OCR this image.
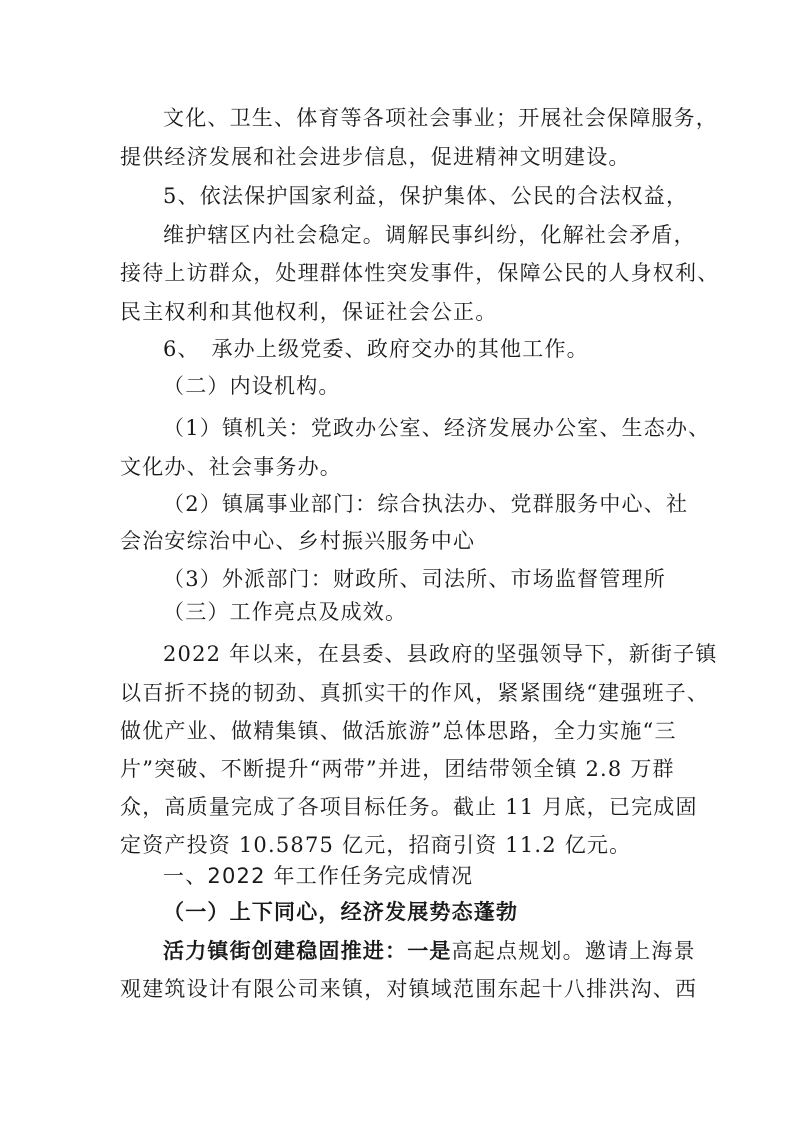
文化、卫生、体育等各项社会事业；开展社会保障服务，
提供经济发展和社会进步信息，促进精神文明建设。
5、依法保护国家利益，保护集体、公民的合法权益，
维护辖区内社会稳定。调解民事纠纷，化解社会矛盾，
接待上访群众，处理群体性突发事件，保障公民的人身权利、
民主权利和其他权利，保证社会公正。
6、　承办上级党委、政府交办的其他工作。
（二）内设机构。
（1）镇机关：党政办公室、经济发展办公室、生态办、
文化办、社会事务办。
（2）镇属事业部门：综合执法办、党群服务中心、社
会治安综治中心、乡村振兴服务中心
（3）外派部门：财政所、司法所、市场监督管理所
（三）工作亮点及成效。
2022 年以来，在县委、县政府的坚强领导下，新街子镇
以百折不挠的韧劲、真抓实干的作风，紧紧围绕“建强班子、
做优产业、做精集镇、做活旅游”总体思路，全力实施“三
片”突破、不断提升“两带”并进，团结带领全镇 2.8 万群
众，高质量完成了各项目标任务。截止 11 月底，已完成固
定资产投资 10.5875 亿元，招商引资 11.2 亿元。
一、2022 年工作任务完成情况
（一）上下同心，经济发展势态蓬勃
活力镇街创建稳固推进：一是高起点规划。邀请上海景
观建筑设计有限公司来镇，对镇域范围东起十八排洪沟、西
